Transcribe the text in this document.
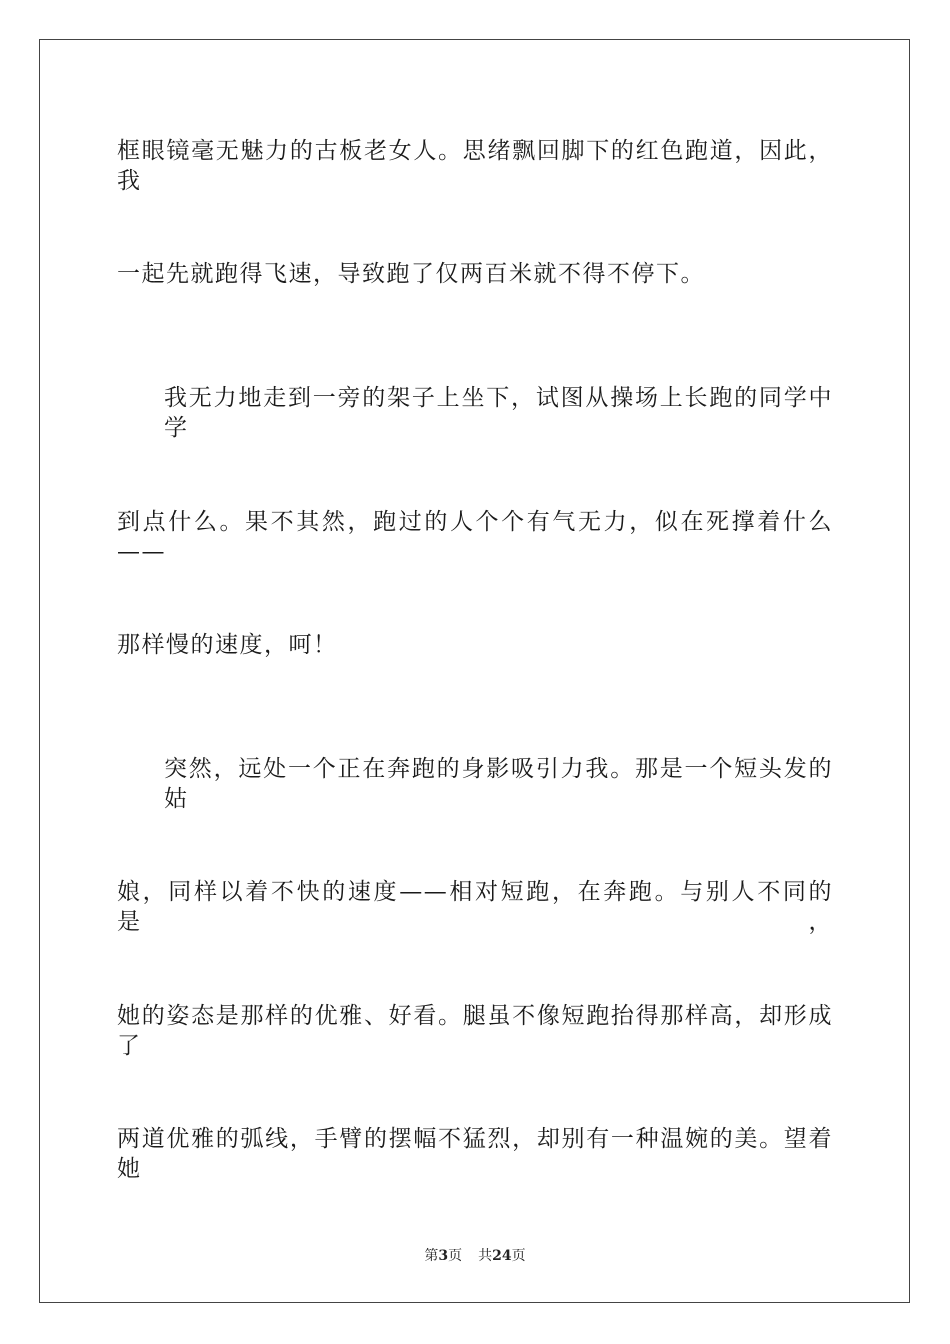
框眼镜毫无魅力的古板老女人。思绪飘回脚下的红色跑道，因此，我
一起先就跑得飞速，导致跑了仅两百米就不得不停下。
我无力地走到一旁的架子上坐下，试图从操场上长跑的同学中学
到点什么。果不其然，跑过的人个个有气无力，似在死撑着什么——
那样慢的速度，呵！
突然，远处一个正在奔跑的身影吸引力我。那是一个短头发的姑
娘，同样以着不快的速度——相对短跑，在奔跑。与别人不同的是，
她的姿态是那样的优雅、好看。腿虽不像短跑抬得那样高，却形成了
两道优雅的弧线，手臂的摆幅不猛烈，却别有一种温婉的美。望着她
第3页 共24页
